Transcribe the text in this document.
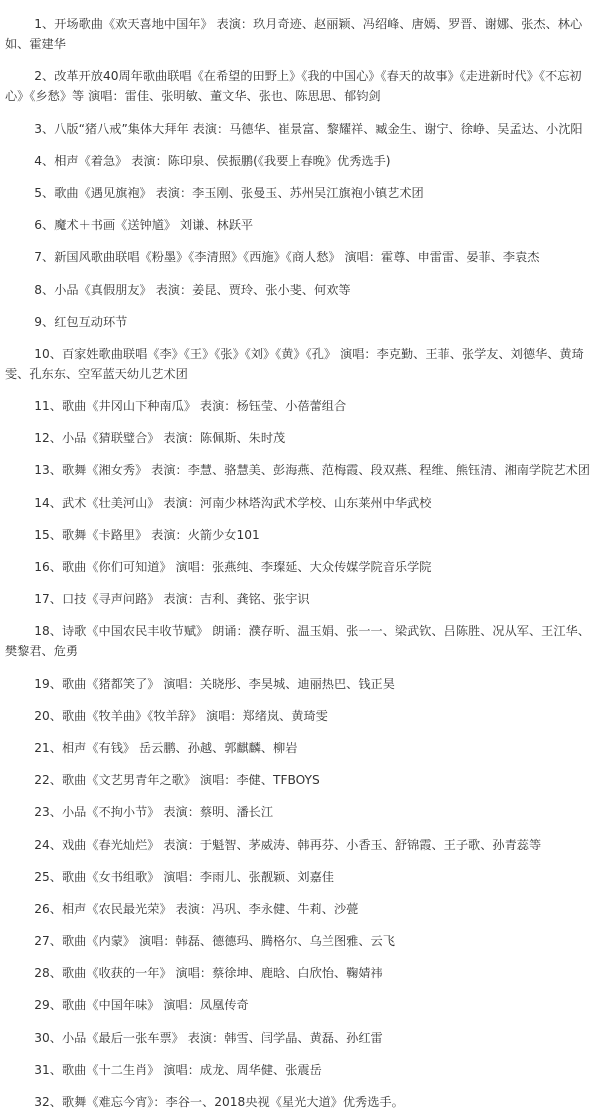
1、开场歌曲《欢天喜地中国年》 表演：玖月奇迹、赵丽颖、冯绍峰、唐嫣、罗晋、谢娜、张杰、林心如、霍建华

2、改革开放40周年歌曲联唱《在希望的田野上》《我的中国心》《春天的故事》《走进新时代》《不忘初心》《乡愁》等 演唱：雷佳、张明敏、董文华、张也、陈思思、郁钧剑

3、八版“猪八戒”集体大拜年 表演：马德华、崔景富、黎耀祥、臧金生、谢宁、徐峥、吴孟达、小沈阳

4、相声《着急》 表演：陈印泉、侯振鹏(《我要上春晚》优秀选手)

5、歌曲《遇见旗袍》 表演：李玉刚、张曼玉、苏州吴江旗袍小镇艺术团

6、魔术＋书画《送钟馗》 刘谦、林跃平

7、新国风歌曲联唱《粉墨》《李清照》《西施》《商人愁》 演唱：霍尊、申雷雷、晏菲、李袁杰

8、小品《真假朋友》 表演：姜昆、贾玲、张小斐、何欢等

9、红包互动环节

10、百家姓歌曲联唱《李》《王》《张》《刘》《黄》《孔》 演唱：李克勤、王菲、张学友、刘德华、黄琦雯、孔东东、空军蓝天幼儿艺术团

11、歌曲《井冈山下种南瓜》 表演：杨钰莹、小蓓蕾组合

12、小品《猜联璧合》 表演：陈佩斯、朱时茂

13、歌舞《湘女秀》 表演：李慧、骆慧美、彭海燕、范梅霞、段双燕、程维、熊钰清、湘南学院艺术团

14、武术《壮美河山》 表演：河南少林塔沟武术学校、山东莱州中华武校

15、歌舞《卡路里》 表演：火箭少女101

16、歌曲《你们可知道》 演唱：张燕纯、李璨延、大众传媒学院音乐学院

17、口技《寻声问路》 表演：吉利、龚铭、张宇识

18、诗歌《中国农民丰收节赋》 朗诵：濮存昕、温玉娟、张一一、梁武钦、吕陈胜、况从军、王江华、樊黎君、危勇

19、歌曲《猪都笑了》 演唱：关晓彤、李昊城、迪丽热巴、钱正昊

20、歌曲《牧羊曲》《牧羊辞》 演唱：郑绪岚、黄琦雯

21、相声《有钱》 岳云鹏、孙越、郭麒麟、柳岩

22、歌曲《文艺男青年之歌》 演唱：李健、TFBOYS

23、小品《不拘小节》 表演：蔡明、潘长江

24、戏曲《春光灿烂》 表演：于魁智、茅威涛、韩再芬、小香玉、舒锦霞、王子歌、孙青蕊等

25、歌曲《女书组歌》 演唱：李雨儿、张靓颖、刘嘉佳

26、相声《农民最光荣》 表演：冯巩、李永健、牛莉、沙甍

27、歌曲《内蒙》 演唱：韩磊、德德玛、腾格尔、乌兰图雅、云飞

28、歌曲《收获的一年》 演唱：蔡徐坤、鹿晗、白欣怡、鞠婧祎

29、歌曲《中国年味》 演唱：凤凰传奇

30、小品《最后一张车票》 表演：韩雪、闫学晶、黄磊、孙红雷

31、歌曲《十二生肖》 演唱：成龙、周华健、张震岳

32、歌舞《难忘今宵》：李谷一、2018央视《星光大道》优秀选手。
